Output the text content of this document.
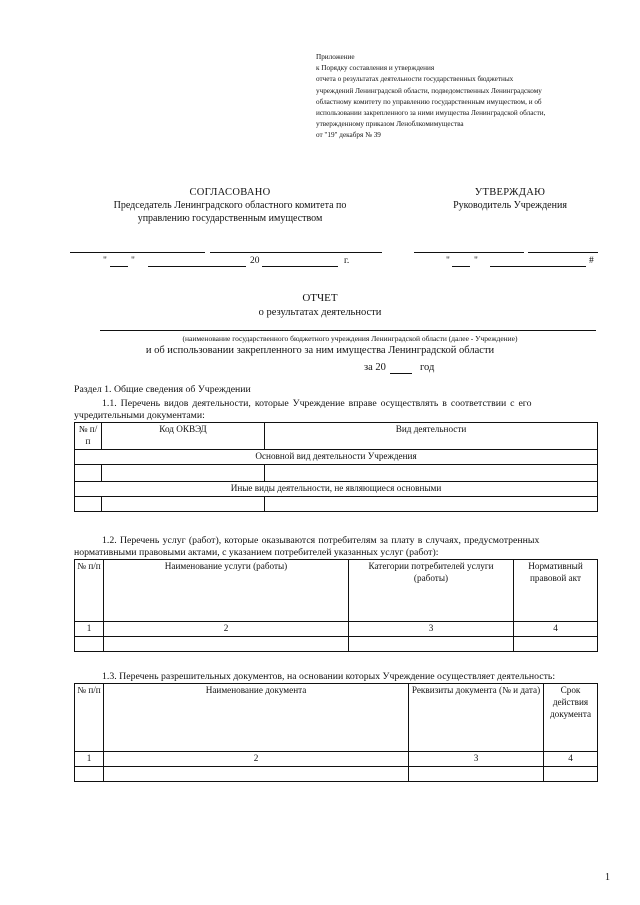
Приложение
к Порядку составления и утверждения
отчета о результатах деятельности государственных бюджетных
учреждений Ленинградской области, подведомственных Ленинградскому
областному комитету по управлению государственным имуществом, и об
использовании закрепленного за ними имущества Ленинградской области,
утвержденному приказом Леноблкомимущества
от "19" декабря № 39
СОГЛАСОВАНО
Председатель Ленинградского областного комитета по
управлению государственным имуществом
УТВЕРЖДАЮ
Руководитель Учреждения
"	"	20	г.	"	"	#
ОТЧЕТ
о результатах деятельности
(наименование государственного бюджетного учреждения Ленинградской области (далее - Учреждение)
и об использовании закрепленного за ним имущества Ленинградской области
за 20	год
Раздел 1. Общие сведения об Учреждении
1.1. Перечень видов деятельности, которые Учреждение вправе осуществлять в соответствии с его
учредительными документами:
№ п/п	Код ОКВЭД	Вид деятельности
Основной вид деятельности Учреждения		

Иные виды деятельности, не являющиеся основными		

1.2. Перечень услуг (работ), которые оказываются потребителям за плату в случаях, предусмотренных
нормативными правовыми актами, с указанием потребителей указанных услуг (работ):
№ п/п	Наименование услуги (работы)	Категории потребителей услуги (работы)	Нормативный правовой акт
1	2	3	4

1.3. Перечень разрешительных документов, на основании которых Учреждение осуществляет деятельность:
№ п/п	Наименование документа	Реквизиты документа (№ и дата)	Срок действия документа
1	2	3	4

1
